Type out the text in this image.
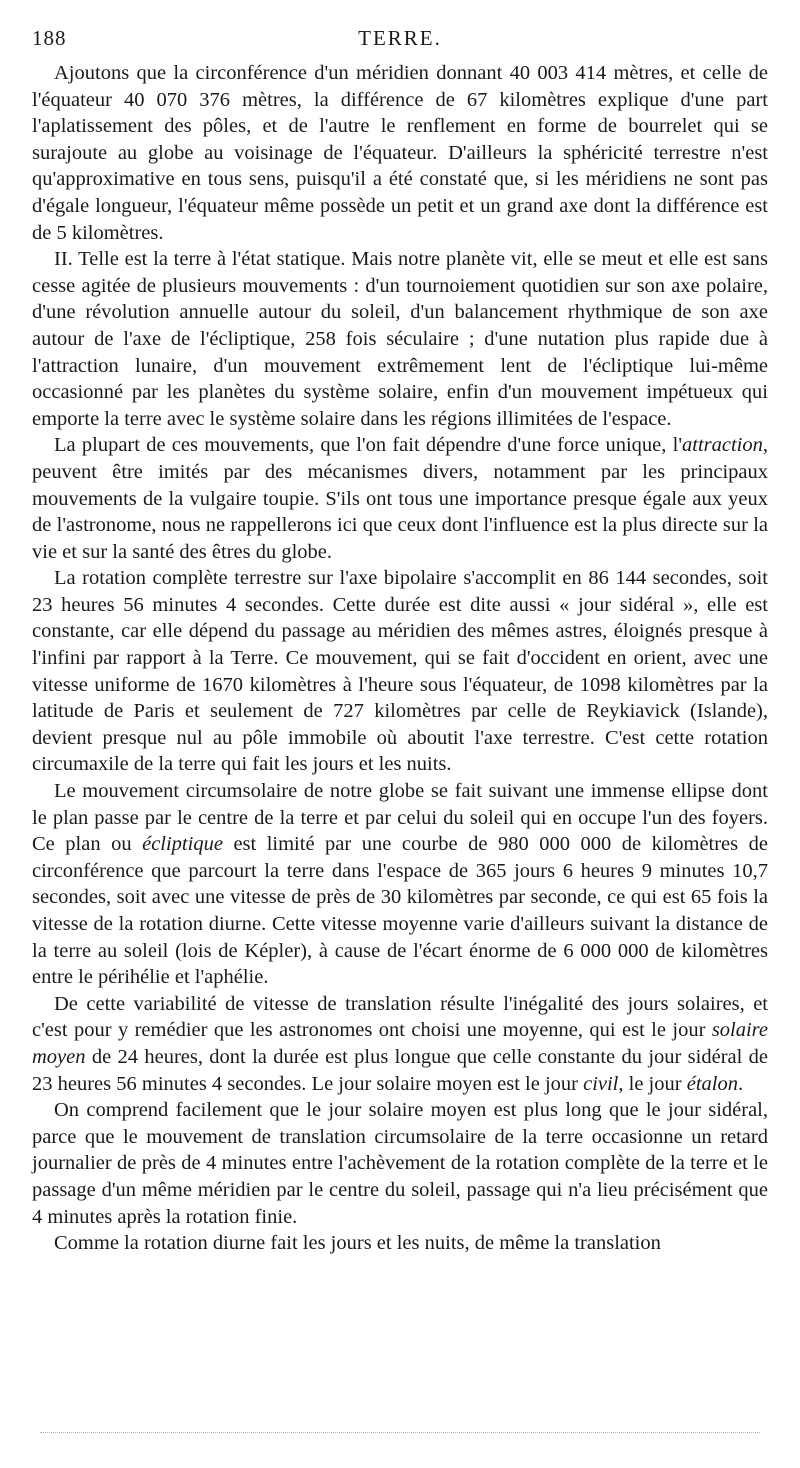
188	TERRE.

Ajoutons que la circonférence d'un méridien donnant 40 003 414 mètres, et celle de l'équateur 40 070 376 mètres, la différence de 67 kilomètres explique d'une part l'aplatissement des pôles, et de l'autre le renflement en forme de bourrelet qui se surajoute au globe au voisinage de l'équateur. D'ailleurs la sphéricité terrestre n'est qu'approximative en tous sens, puisqu'il a été constaté que, si les méridiens ne sont pas d'égale longueur, l'équateur même possède un petit et un grand axe dont la différence est de 5 kilomètres.

II. Telle est la terre à l'état statique. Mais notre planète vit, elle se meut et elle est sans cesse agitée de plusieurs mouvements : d'un tournoiement quotidien sur son axe polaire, d'une révolution annuelle autour du soleil, d'un balancement rhythmique de son axe autour de l'axe de l'écliptique, 258 fois séculaire ; d'une nutation plus rapide due à l'attraction lunaire, d'un mouvement extrêmement lent de l'écliptique lui-même occasionné par les planètes du système solaire, enfin d'un mouvement impétueux qui emporte la terre avec le système solaire dans les régions illimitées de l'espace.

La plupart de ces mouvements, que l'on fait dépendre d'une force unique, l'attraction, peuvent être imités par des mécanismes divers, notamment par les principaux mouvements de la vulgaire toupie. S'ils ont tous une importance presque égale aux yeux de l'astronome, nous ne rappellerons ici que ceux dont l'influence est la plus directe sur la vie et sur la santé des êtres du globe.

La rotation complète terrestre sur l'axe bipolaire s'accomplit en 86 144 secondes, soit 23 heures 56 minutes 4 secondes. Cette durée est dite aussi « jour sidéral », elle est constante, car elle dépend du passage au méridien des mêmes astres, éloignés presque à l'infini par rapport à la Terre. Ce mouvement, qui se fait d'occident en orient, avec une vitesse uniforme de 1670 kilomètres à l'heure sous l'équateur, de 1098 kilomètres par la latitude de Paris et seulement de 727 kilomètres par celle de Reykiavick (Islande), devient presque nul au pôle immobile où aboutit l'axe terrestre. C'est cette rotation circumaxile de la terre qui fait les jours et les nuits.

Le mouvement circumsolaire de notre globe se fait suivant une immense ellipse dont le plan passe par le centre de la terre et par celui du soleil qui en occupe l'un des foyers. Ce plan ou écliptique est limité par une courbe de 980 000 000 de kilomètres de circonférence que parcourt la terre dans l'espace de 365 jours 6 heures 9 minutes 10,7 secondes, soit avec une vitesse de près de 30 kilomètres par seconde, ce qui est 65 fois la vitesse de la rotation diurne. Cette vitesse moyenne varie d'ailleurs suivant la distance de la terre au soleil (lois de Képler), à cause de l'écart énorme de 6 000 000 de kilomètres entre le périhélie et l'aphélie.

De cette variabilité de vitesse de translation résulte l'inégalité des jours solaires, et c'est pour y remédier que les astronomes ont choisi une moyenne, qui est le jour solaire moyen de 24 heures, dont la durée est plus longue que celle constante du jour sidéral de 23 heures 56 minutes 4 secondes. Le jour solaire moyen est le jour civil, le jour étalon.

On comprend facilement que le jour solaire moyen est plus long que le jour sidéral, parce que le mouvement de translation circumsolaire de la terre occasionne un retard journalier de près de 4 minutes entre l'achèvement de la rotation complète de la terre et le passage d'un même méridien par le centre du soleil, passage qui n'a lieu précisément que 4 minutes après la rotation finie.

Comme la rotation diurne fait les jours et les nuits, de même la translation
